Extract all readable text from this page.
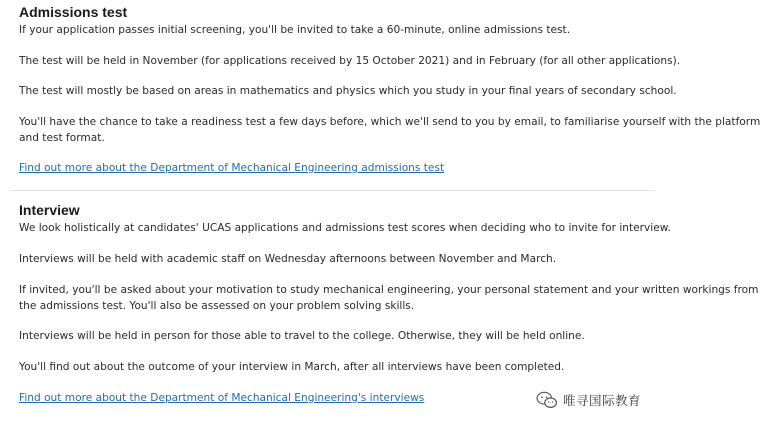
Admissions test
If your application passes initial screening, you'll be invited to take a 60-minute, online admissions test.
The test will be held in November (for applications received by 15 October 2021) and in February (for all other applications).
The test will mostly be based on areas in mathematics and physics which you study in your final years of secondary school.
You'll have the chance to take a readiness test a few days before, which we'll send to you by email, to familiarise yourself with the platform
and test format.
Find out more about the Department of Mechanical Engineering admissions test
Interview
We look holistically at candidates' UCAS applications and admissions test scores when deciding who to invite for interview.
Interviews will be held with academic staff on Wednesday afternoons between November and March.
If invited, you'll be asked about your motivation to study mechanical engineering, your personal statement and your written workings from
the admissions test. You'll also be assessed on your problem solving skills.
Interviews will be held in person for those able to travel to the college. Otherwise, they will be held online.
You'll find out about the outcome of your interview in March, after all interviews have been completed.
Find out more about the Department of Mechanical Engineering's interviews	唯寻国际教育
